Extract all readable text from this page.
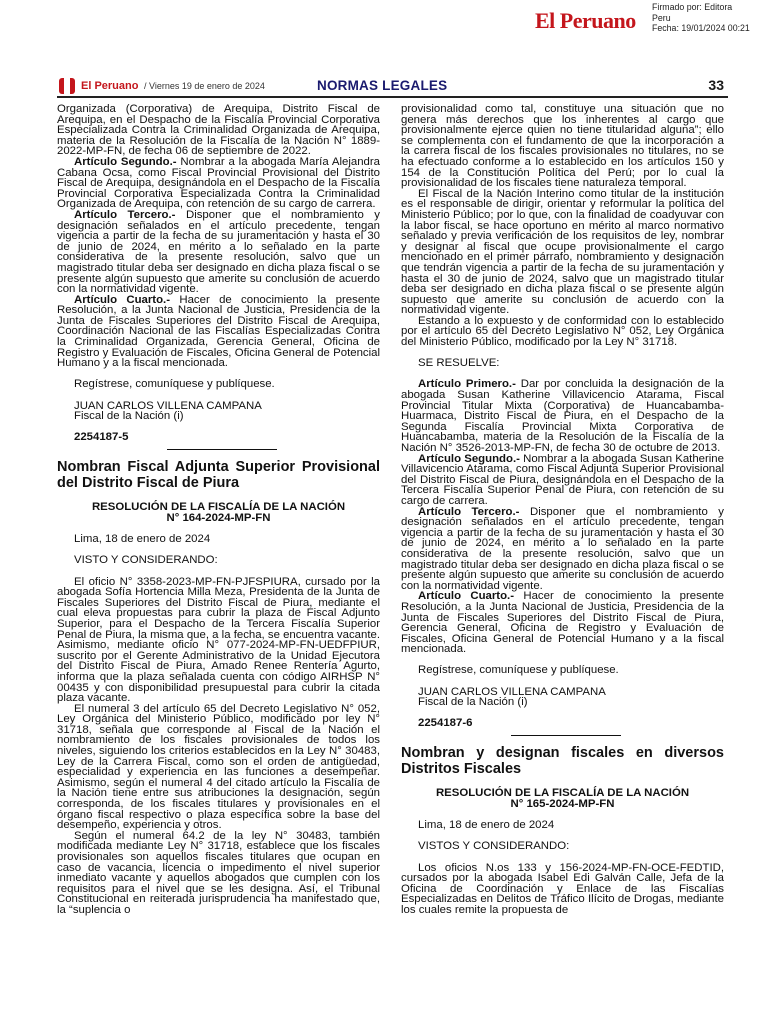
El Peruano
Firmado por: Editora
Peru
Fecha: 19/01/2024 00:21
El Peruano / Viernes 19 de enero de 2024	NORMAS LEGALES	33

Organizada (Corporativa) de Arequipa, Distrito Fiscal de Arequipa, en el Despacho de la Fiscalía Provincial Corporativa Especializada Contra la Criminalidad Organizada de Arequipa, materia de la Resolución de la Fiscalía de la Nación N° 1889-2022-MP-FN, de fecha 06 de septiembre de 2022.

Artículo Segundo.- Nombrar a la abogada María Alejandra Cabana Ocsa, como Fiscal Provincial Provisional del Distrito Fiscal de Arequipa, designándola en el Despacho de la Fiscalía Provincial Corporativa Especializada Contra la Criminalidad Organizada de Arequipa, con retención de su cargo de carrera.

Artículo Tercero.- Disponer que el nombramiento y designación señalados en el artículo precedente, tengan vigencia a partir de la fecha de su juramentación y hasta el 30 de junio de 2024, en mérito a lo señalado en la parte considerativa de la presente resolución, salvo que un magistrado titular deba ser designado en dicha plaza fiscal o se presente algún supuesto que amerite su conclusión de acuerdo con la normatividad vigente.

Artículo Cuarto.- Hacer de conocimiento la presente Resolución, a la Junta Nacional de Justicia, Presidencia de la Junta de Fiscales Superiores del Distrito Fiscal de Arequipa, Coordinación Nacional de las Fiscalías Especializadas Contra la Criminalidad Organizada, Gerencia General, Oficina de Registro y Evaluación de Fiscales, Oficina General de Potencial Humano y a la fiscal mencionada.

Regístrese, comuníquese y publíquese.

JUAN CARLOS VILLENA CAMPANA

Fiscal de la Nación (i)

2254187-5

Nombran Fiscal Adjunta Superior Provisional del Distrito Fiscal de Piura

RESOLUCIÓN DE LA FISCALÍA DE LA NACIÓN

N° 164-2024-MP-FN

Lima, 18 de enero de 2024

VISTO Y CONSIDERANDO:

El oficio N° 3358-2023-MP-FN-PJFSPIURA, cursado por la abogada Sofía Hortencia Milla Meza, Presidenta de la Junta de Fiscales Superiores del Distrito Fiscal de Piura, mediante el cual eleva propuestas para cubrir la plaza de Fiscal Adjunto Superior, para el Despacho de la Tercera Fiscalía Superior Penal de Piura, la misma que, a la fecha, se encuentra vacante. Asimismo, mediante oficio N° 077-2024-MP-FN-UEDFPIUR, suscrito por el Gerente Administrativo de la Unidad Ejecutora del Distrito Fiscal de Piura, Amado Renee Rentería Agurto, informa que la plaza señalada cuenta con código AIRHSP N° 00435 y con disponibilidad presupuestal para cubrir la citada plaza vacante.

El numeral 3 del artículo 65 del Decreto Legislativo N° 052, Ley Orgánica del Ministerio Público, modificado por ley N° 31718, señala que corresponde al Fiscal de la Nación el nombramiento de los fiscales provisionales de todos los niveles, siguiendo los criterios establecidos en la Ley N° 30483, Ley de la Carrera Fiscal, como son el orden de antigüedad, especialidad y experiencia en las funciones a desempeñar. Asimismo, según el numeral 4 del citado artículo la Fiscalía de la Nación tiene entre sus atribuciones la designación, según corresponda, de los fiscales titulares y provisionales en el órgano fiscal respectivo o plaza específica sobre la base del desempeño, experiencia y otros.

Según el numeral 64.2 de la ley N° 30483, también modificada mediante Ley N° 31718, establece que los fiscales provisionales son aquellos fiscales titulares que ocupan en caso de vacancia, licencia o impedimento el nivel superior inmediato vacante y aquellos abogados que cumplen con los requisitos para el nivel que se les designa. Así, el Tribunal Constitucional en reiterada jurisprudencia ha manifestado que, la “suplencia o

provisionalidad como tal, constituye una situación que no genera más derechos que los inherentes al cargo que provisionalmente ejerce quien no tiene titularidad alguna”; ello se complementa con el fundamento de que la incorporación a la carrera fiscal de los fiscales provisionales no titulares, no se ha efectuado conforme a lo establecido en los artículos 150 y 154 de la Constitución Política del Perú; por lo cual la provisionalidad de los fiscales tiene naturaleza temporal.

El Fiscal de la Nación Interino como titular de la institución es el responsable de dirigir, orientar y reformular la política del Ministerio Público; por lo que, con la finalidad de coadyuvar con la labor fiscal, se hace oportuno en mérito al marco normativo señalado y previa verificación de los requisitos de ley, nombrar y designar al fiscal que ocupe provisionalmente el cargo mencionado en el primer párrafo, nombramiento y designación que tendrán vigencia a partir de la fecha de su juramentación y hasta el 30 de junio de 2024, salvo que un magistrado titular deba ser designado en dicha plaza fiscal o se presente algún supuesto que amerite su conclusión de acuerdo con la normatividad vigente.

Estando a lo expuesto y de conformidad con lo establecido por el artículo 65 del Decreto Legislativo N° 052, Ley Orgánica del Ministerio Público, modificado por la Ley N° 31718.

SE RESUELVE:

Artículo Primero.- Dar por concluida la designación de la abogada Susan Katherine Villavicencio Atarama, Fiscal Provincial Titular Mixta (Corporativa) de Huancabamba-Huarmaca, Distrito Fiscal de Piura, en el Despacho de la Segunda Fiscalía Provincial Mixta Corporativa de Huancabamba, materia de la Resolución de la Fiscalía de la Nación N° 3526-2013-MP-FN, de fecha 30 de octubre de 2013.

Artículo Segundo.- Nombrar a la abogada Susan Katherine Villavicencio Atarama, como Fiscal Adjunta Superior Provisional del Distrito Fiscal de Piura, designándola en el Despacho de la Tercera Fiscalía Superior Penal de Piura, con retención de su cargo de carrera.

Artículo Tercero.- Disponer que el nombramiento y designación señalados en el artículo precedente, tengan vigencia a partir de la fecha de su juramentación y hasta el 30 de junio de 2024, en mérito a lo señalado en la parte considerativa de la presente resolución, salvo que un magistrado titular deba ser designado en dicha plaza fiscal o se presente algún supuesto que amerite su conclusión de acuerdo con la normatividad vigente.

Artículo Cuarto.- Hacer de conocimiento la presente Resolución, a la Junta Nacional de Justicia, Presidencia de la Junta de Fiscales Superiores del Distrito Fiscal de Piura, Gerencia General, Oficina de Registro y Evaluación de Fiscales, Oficina General de Potencial Humano y a la fiscal mencionada.

Regístrese, comuníquese y publíquese.

JUAN CARLOS VILLENA CAMPANA

Fiscal de la Nación (i)

2254187-6

Nombran y designan fiscales en diversos Distritos Fiscales

RESOLUCIÓN DE LA FISCALÍA DE LA NACIÓN

N° 165-2024-MP-FN

Lima, 18 de enero de 2024

VISTOS Y CONSIDERANDO:

Los oficios N.os 133 y 156-2024-MP-FN-OCE-FEDTID, cursados por la abogada Isabel Edi Galván Calle, Jefa de la Oficina de Coordinación y Enlace de las Fiscalías Especializadas en Delitos de Tráfico Ilícito de Drogas, mediante los cuales remite la propuesta de
